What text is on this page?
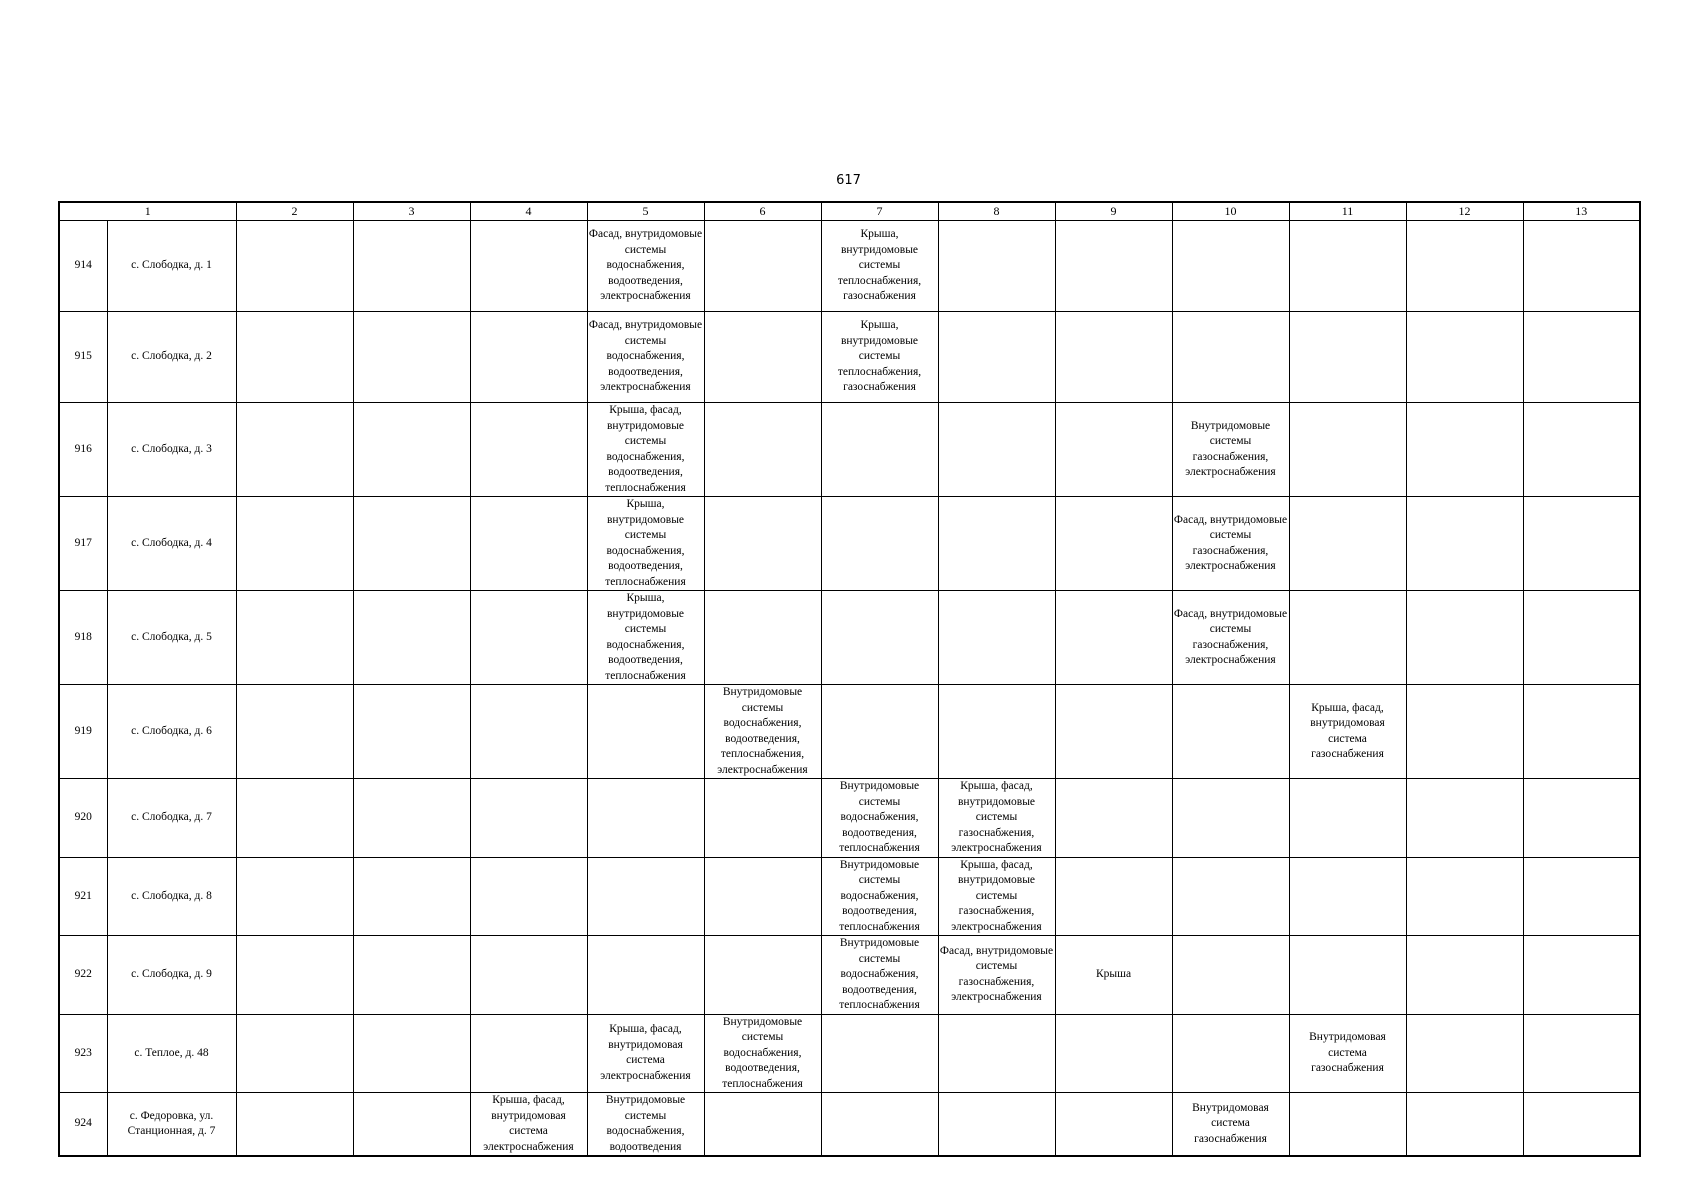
617
1		2	3	4	5	6	7	8	9	10	11	12	13
914	с. Слободка, д. 1				Фасад, внутридомовые системы водоснабжения, водоотведения, электроснабжения		Крыша, внутридомовые системы теплоснабжения, газоснабжения						
915	с. Слободка, д. 2				Фасад, внутридомовые системы водоснабжения, водоотведения, электроснабжения		Крыша, внутридомовые системы теплоснабжения, газоснабжения						
916	с. Слободка, д. 3				Крыша, фасад, внутридомовые системы водоснабжения, водоотведения, теплоснабжения					Внутридомовые системы газоснабжения, электроснабжения			
917	с. Слободка, д. 4				Крыша, внутридомовые системы водоснабжения, водоотведения, теплоснабжения					Фасад, внутридомовые системы газоснабжения, электроснабжения			
918	с. Слободка, д. 5				Крыша, внутридомовые системы водоснабжения, водоотведения, теплоснабжения					Фасад, внутридомовые системы газоснабжения, электроснабжения			
919	с. Слободка, д. 6					Внутридомовые системы водоснабжения, водоотведения, теплоснабжения, электроснабжения					Крыша, фасад, внутридомовая система газоснабжения		
920	с. Слободка, д. 7						Внутридомовые системы водоснабжения, водоотведения, теплоснабжения	Крыша, фасад, внутридомовые системы газоснабжения, электроснабжения					
921	с. Слободка, д. 8						Внутридомовые системы водоснабжения, водоотведения, теплоснабжения	Крыша, фасад, внутридомовые системы газоснабжения, электроснабжения					
922	с. Слободка, д. 9						Внутридомовые системы водоснабжения, водоотведения, теплоснабжения	Фасад, внутридомовые системы газоснабжения, электроснабжения	Крыша				
923	с. Теплое, д. 48				Крыша, фасад, внутридомовая система электроснабжения	Внутридомовые системы водоснабжения, водоотведения, теплоснабжения					Внутридомовая система газоснабжения		
924	с. Федоровка, ул. Станционная, д. 7			Крыша, фасад, внутридомовая система электроснабжения	Внутридомовые системы водоснабжения, водоотведения					Внутридомовая система газоснабжения			
